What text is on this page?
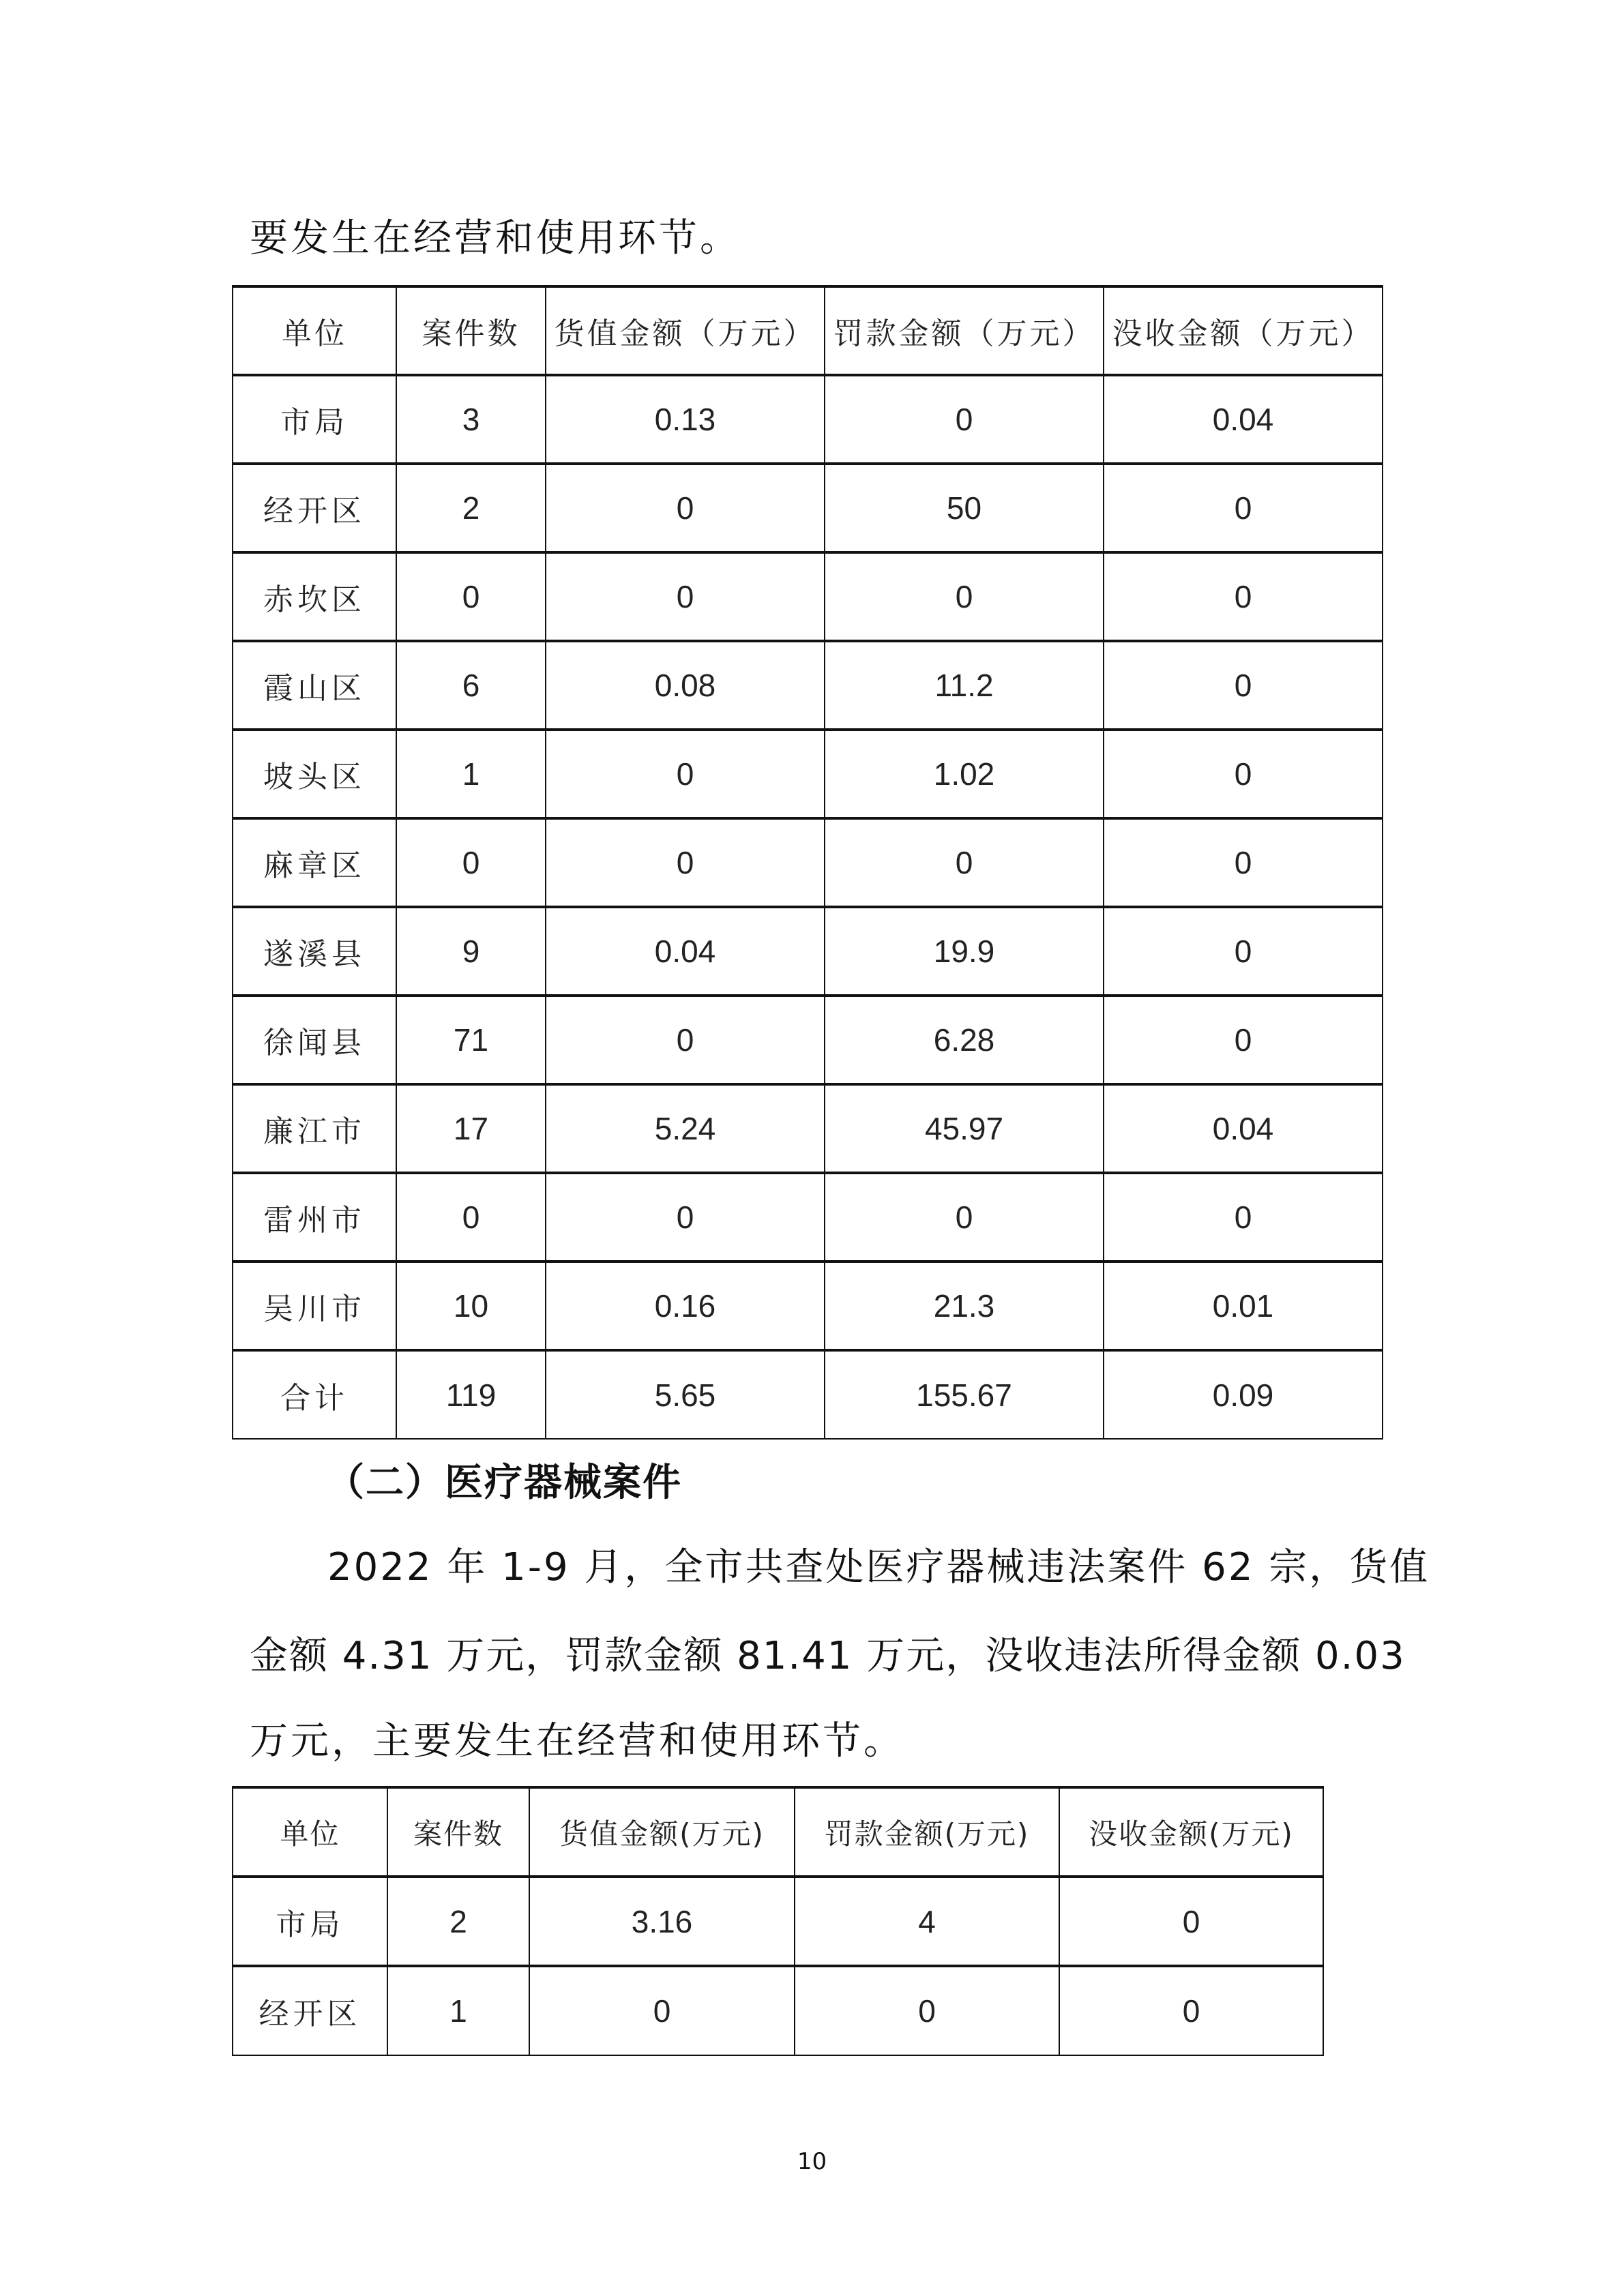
要发生在经营和使用环节。
单位	案件数	货值金额（万元）	罚款金额（万元）	没收金额（万元）
市局	3	0.13	0	0.04
经开区	2	0	50	0
赤坎区	0	0	0	0
霞山区	6	0.08	11.2	0
坡头区	1	0	1.02	0
麻章区	0	0	0	0
遂溪县	9	0.04	19.9	0
徐闻县	71	0	6.28	0
廉江市	17	5.24	45.97	0.04
雷州市	0	0	0	0
吴川市	10	0.16	21.3	0.01
合计	119	5.65	155.67	0.09
（二）医疗器械案件
2022 年 1-9 月，全市共查处医疗器械违法案件 62 宗，货值
金额 4.31 万元，罚款金额 81.41 万元，没收违法所得金额 0.03
万元，主要发生在经营和使用环节。
单位	案件数	货值金额(万元)	罚款金额(万元)	没收金额(万元)
市局	2	3.16	4	0
经开区	1	0	0	0
10
